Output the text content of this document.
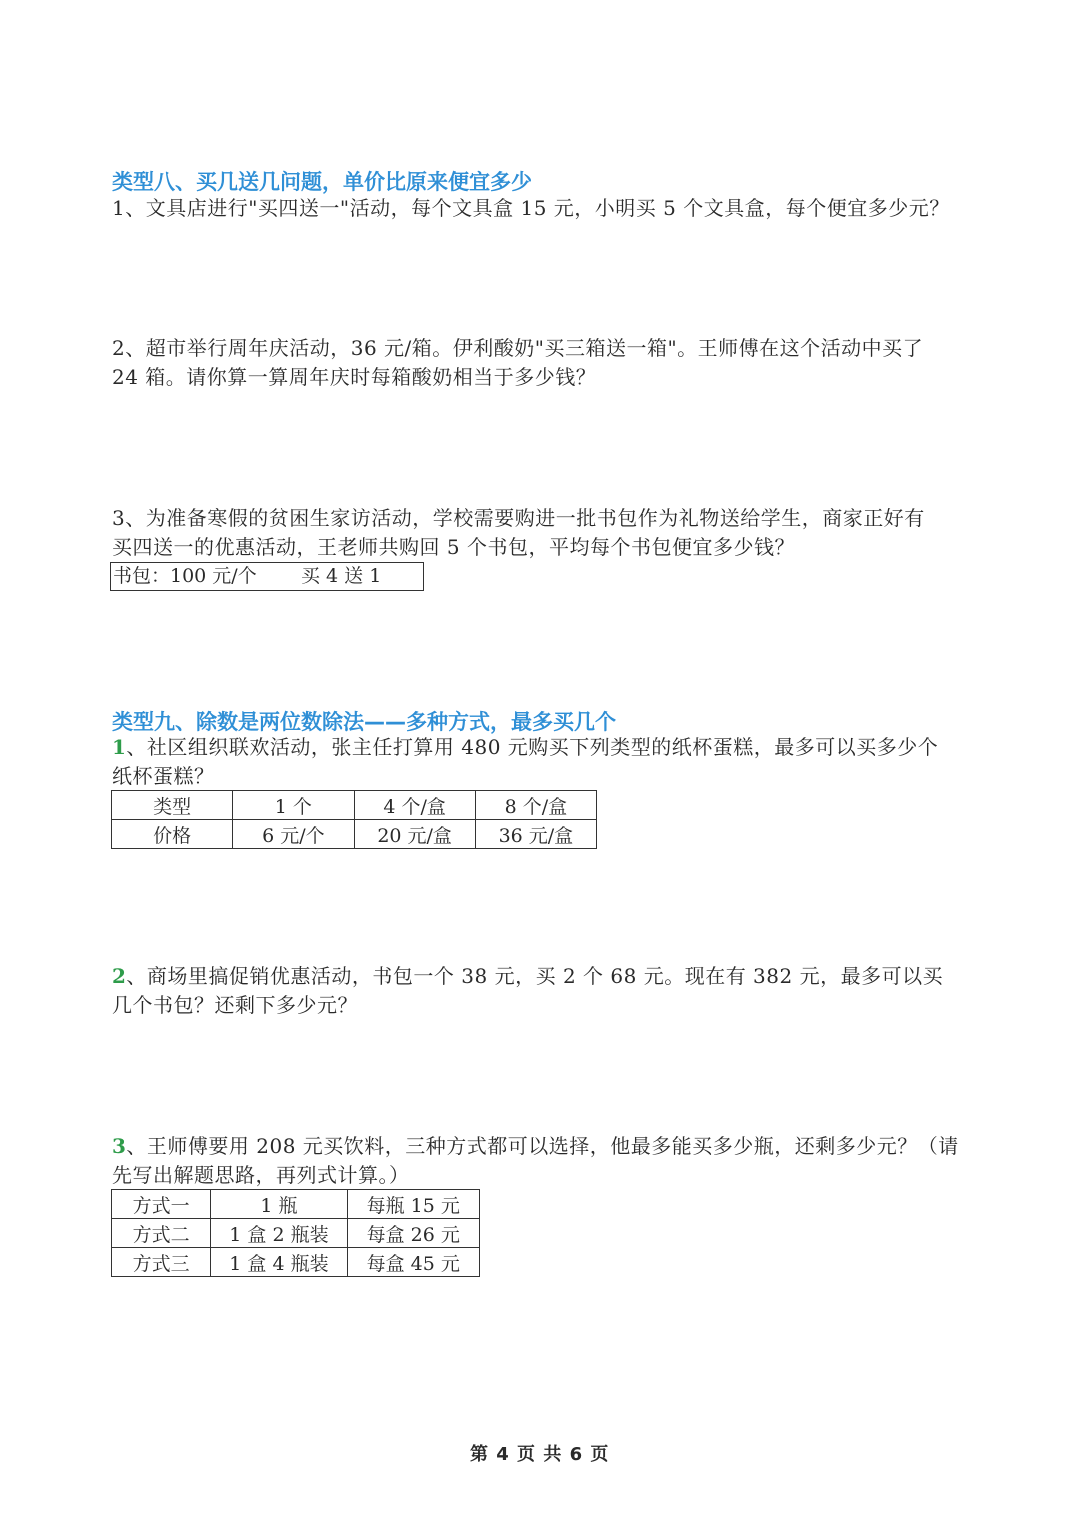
类型八、买几送几问题，单价比原来便宜多少
1、文具店进行"买四送一"活动，每个文具盒 15 元，小明买 5 个文具盒，每个便宜多少元？
2、超市举行周年庆活动，36 元/箱。伊利酸奶"买三箱送一箱"。王师傅在这个活动中买了
24 箱。请你算一算周年庆时每箱酸奶相当于多少钱？
3、为准备寒假的贫困生家访活动，学校需要购进一批书包作为礼物送给学生，商家正好有
买四送一的优惠活动，王老师共购回 5 个书包，平均每个书包便宜多少钱？
书包：100 元/个 买 4 送 1
类型九、除数是两位数除法——多种方式，最多买几个
1、社区组织联欢活动，张主任打算用 480 元购买下列类型的纸杯蛋糕，最多可以买多少个
纸杯蛋糕？
类型	1 个	4 个/盒	8 个/盒
价格	6 元/个	20 元/盒	36 元/盒
2、商场里搞促销优惠活动，书包一个 38 元，买 2 个 68 元。现在有 382 元，最多可以买
几个书包？还剩下多少元？
3、王师傅要用 208 元买饮料，三种方式都可以选择，他最多能买多少瓶，还剩多少元？（请
先写出解题思路，再列式计算。）
方式一	1 瓶	每瓶 15 元
方式二	1 盒 2 瓶装	每盒 26 元
方式三	1 盒 4 瓶装	每盒 45 元
第 4 页 共 6 页
